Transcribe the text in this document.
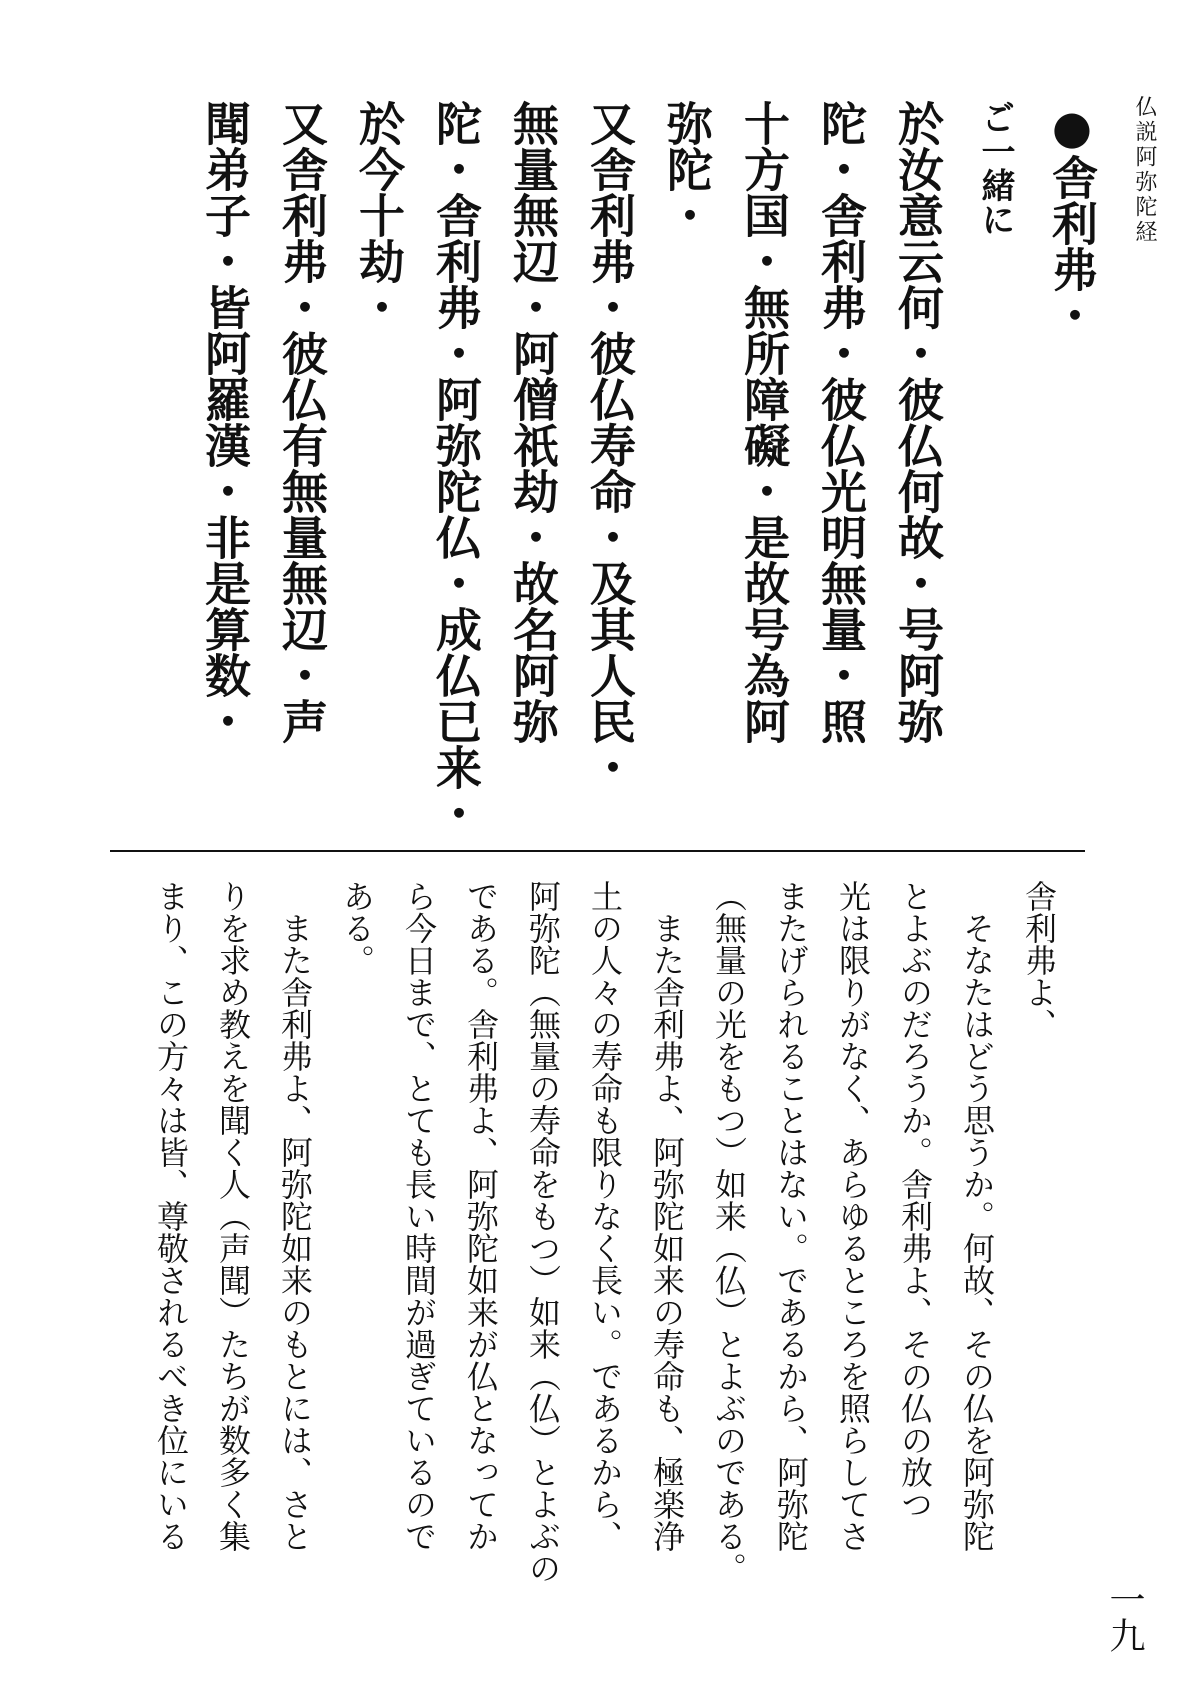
仏説阿弥陀経
●舎利弗・
ご一緒に
於汝意云何・彼仏何故・号阿弥
陀・舎利弗・彼仏光明無量・照
十方国・無所障礙・是故号為阿
弥陀・
又舎利弗・彼仏寿命・及其人民・
無量無辺・阿僧祇劫・故名阿弥
陀・舎利弗・阿弥陀仏・成仏已来・
於今十劫・
又舎利弗・彼仏有無量無辺・声
聞弟子・皆阿羅漢・非是算数・

舎利弗よ、

そなたはどう思うか。何故、その仏を阿弥陀

とよぶのだろうか。舎利弗よ、その仏の放つ

光は限りがなく、あらゆるところを照らしてさ

またげられることはない。であるから、阿弥陀

（無量の光をもつ）如来（仏）とよぶのである。

また舎利弗よ、阿弥陀如来の寿命も、極楽浄

土の人々の寿命も限りなく長い。であるから、

阿弥陀（無量の寿命をもつ）如来（仏）とよぶの

である。舎利弗よ、阿弥陀如来が仏となってか

ら今日まで、とても長い時間が過ぎているので

ある。

また舎利弗よ、阿弥陀如来のもとには、さと

りを求め教えを聞く人（声聞）たちが数多く集

まり、この方々は皆、尊敬されるべき位にいる

一九
